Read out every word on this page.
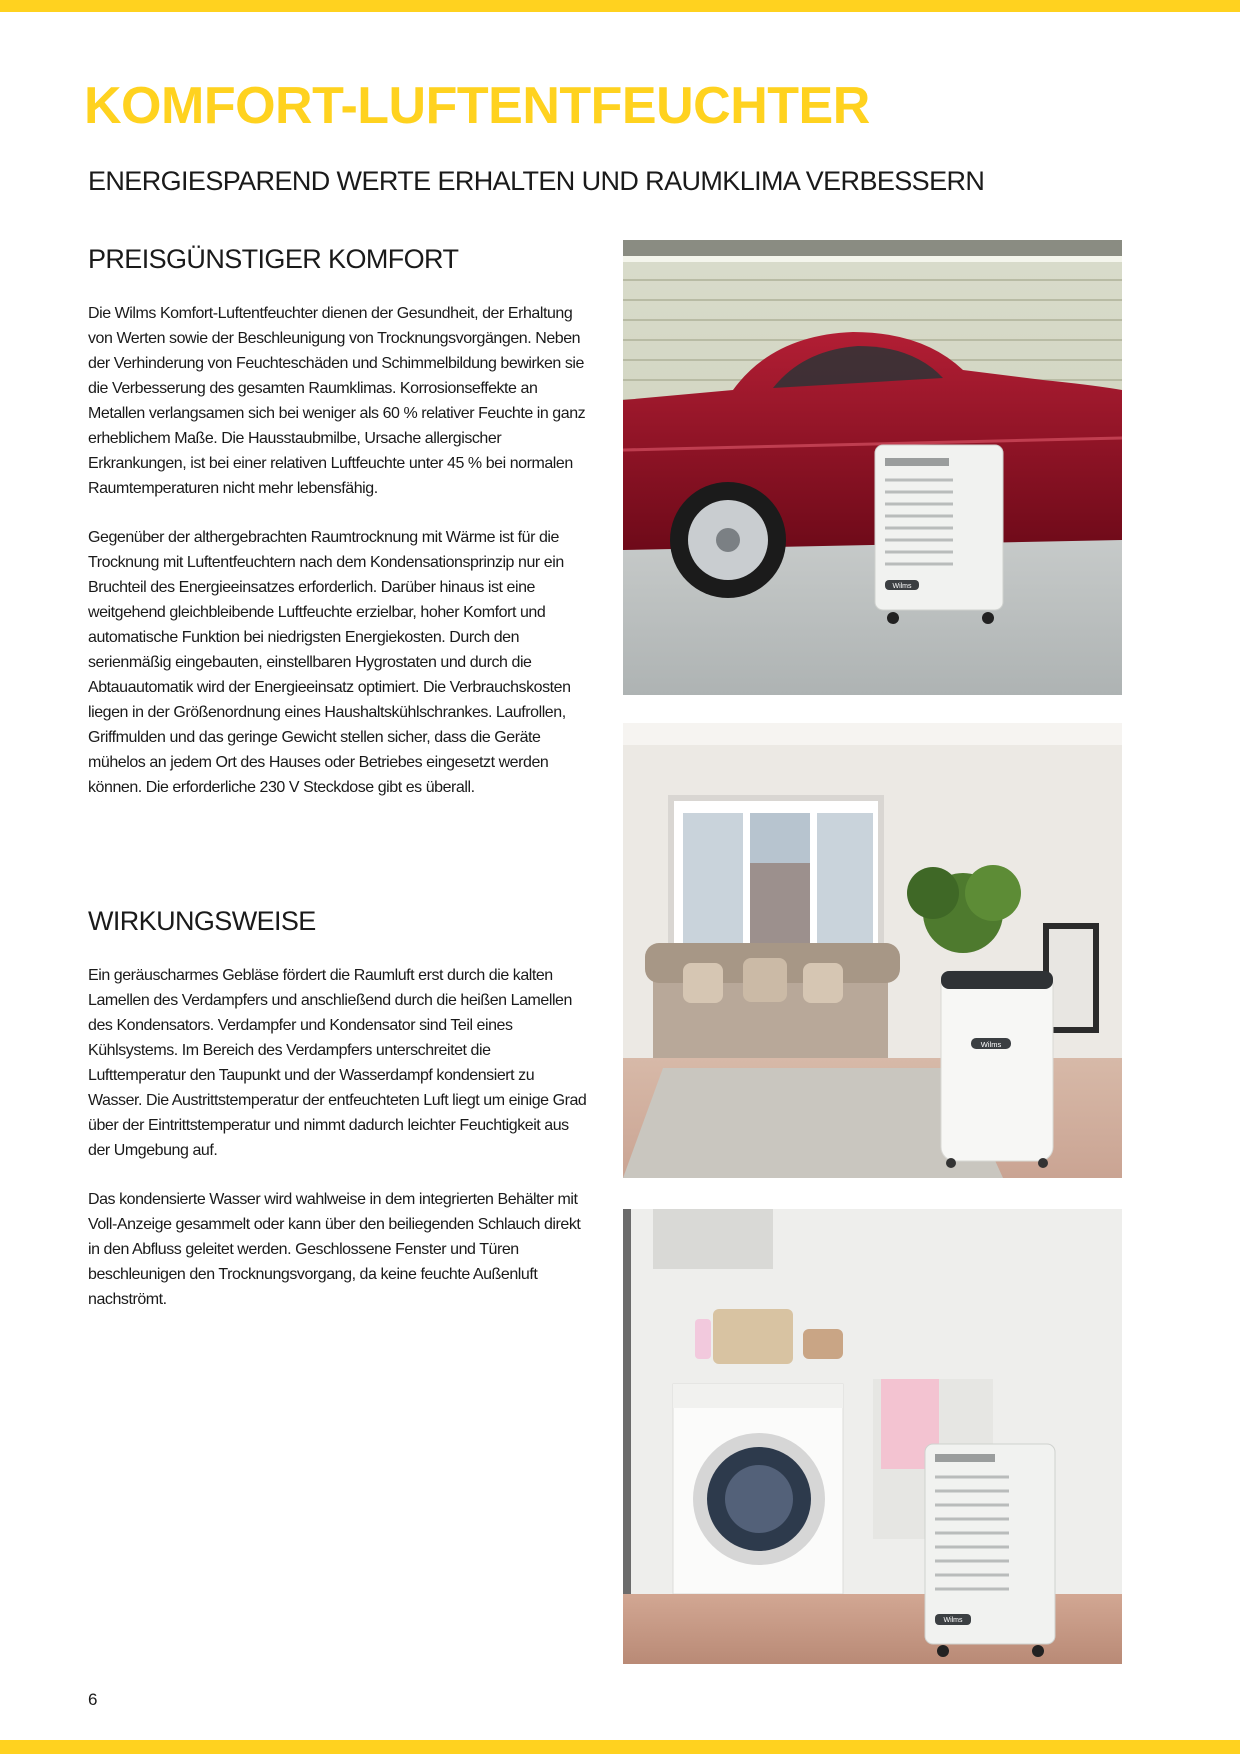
KOMFORT-LUFTENTFEUCHTER
ENERGIESPAREND WERTE ERHALTEN UND RAUMKLIMA VERBESSERN
PREISGÜNSTIGER KOMFORT

Die Wilms Komfort-Luftentfeuchter dienen der Gesundheit, der Erhaltung von Werten sowie der Beschleunigung von Trocknungsvorgängen. Neben der Verhinderung von Feuchteschäden und Schimmelbildung bewirken sie die Verbesserung des gesamten Raumklimas. Korrosionseffekte an Metallen verlangsamen sich bei weniger als 60 % relativer Feuchte in ganz erheblichem Maße. Die Hausstaubmilbe, Ursache allergischer Erkrankungen, ist bei einer relativen Luftfeuchte unter 45 % bei normalen Raumtemperaturen nicht mehr lebensfähig.

Gegenüber der althergebrachten Raumtrocknung mit Wärme ist für die Trocknung mit Luftentfeuchtern nach dem Kondensationsprinzip nur ein Bruchteil des Energieeinsatzes erforderlich. Darüber hinaus ist eine weitgehend gleichbleibende Luftfeuchte erzielbar, hoher Komfort und automatische Funktion bei niedrigsten Energiekosten. Durch den serienmäßig eingebauten, einstellbaren Hygrostaten und durch die Abtauautomatik wird der Energieeinsatz optimiert. Die Verbrauchskosten liegen in der Größenordnung eines Haushaltskühlschrankes. Laufrollen, Griffmulden und das geringe Gewicht stellen sicher, dass die Geräte mühelos an jedem Ort des Hauses oder Betriebes eingesetzt werden können. Die erforderliche 230 V Steckdose gibt es überall.

WIRKUNGSWEISE

Ein geräuscharmes Gebläse fördert die Raumluft erst durch die kalten Lamellen des Verdampfers und anschließend durch die heißen Lamellen des Kondensators. Verdampfer und Kondensator sind Teil eines Kühlsystems. Im Bereich des Verdampfers unterschreitet die Lufttemperatur den Taupunkt und der Wasserdampf kondensiert zu Wasser. Die Austrittstemperatur der entfeuchteten Luft liegt um einige Grad über der Eintrittstemperatur und nimmt dadurch leichter Feuchtigkeit aus der Umgebung auf.

Das kondensierte Wasser wird wahlweise in dem integrierten Behälter mit Voll-Anzeige gesammelt oder kann über den beiliegenden Schlauch direkt in den Abfluss geleitet werden. Geschlossene Fenster und Türen beschleunigen den Trocknungsvorgang, da keine feuchte Außenluft nachströmt.

Wilms
Wilms
Wilms
6
